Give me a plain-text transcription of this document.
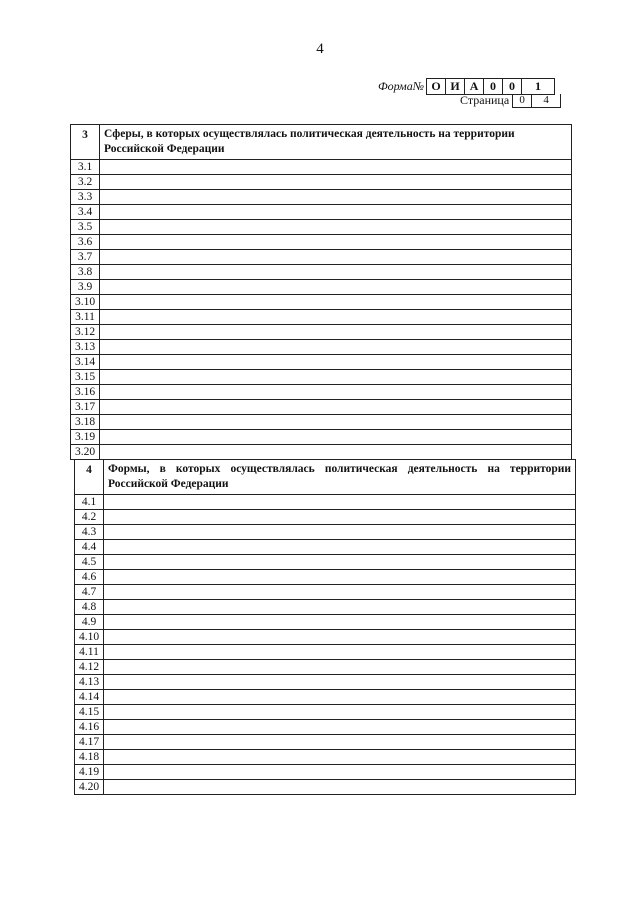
4
Форма№ О И А 0	0	1
Страница 0	4
3	Сферы, в которых осуществлялась политическая деятельность на территории Российской Федерации
3.1	
3.2	
3.3	
3.4	
3.5	
3.6	
3.7	
3.8	
3.9	
3.10	
3.11	
3.12	
3.13	
3.14	
3.15	
3.16	
3.17	
3.18	
3.19	
3.20	
4	Формы, в которых осуществлялась политическая деятельность на территории Российской Федерации
4.1	
4.2	
4.3	
4.4	
4.5	
4.6	
4.7	
4.8	
4.9	
4.10	
4.11	
4.12	
4.13	
4.14	
4.15	
4.16	
4.17	
4.18	
4.19	
4.20	
